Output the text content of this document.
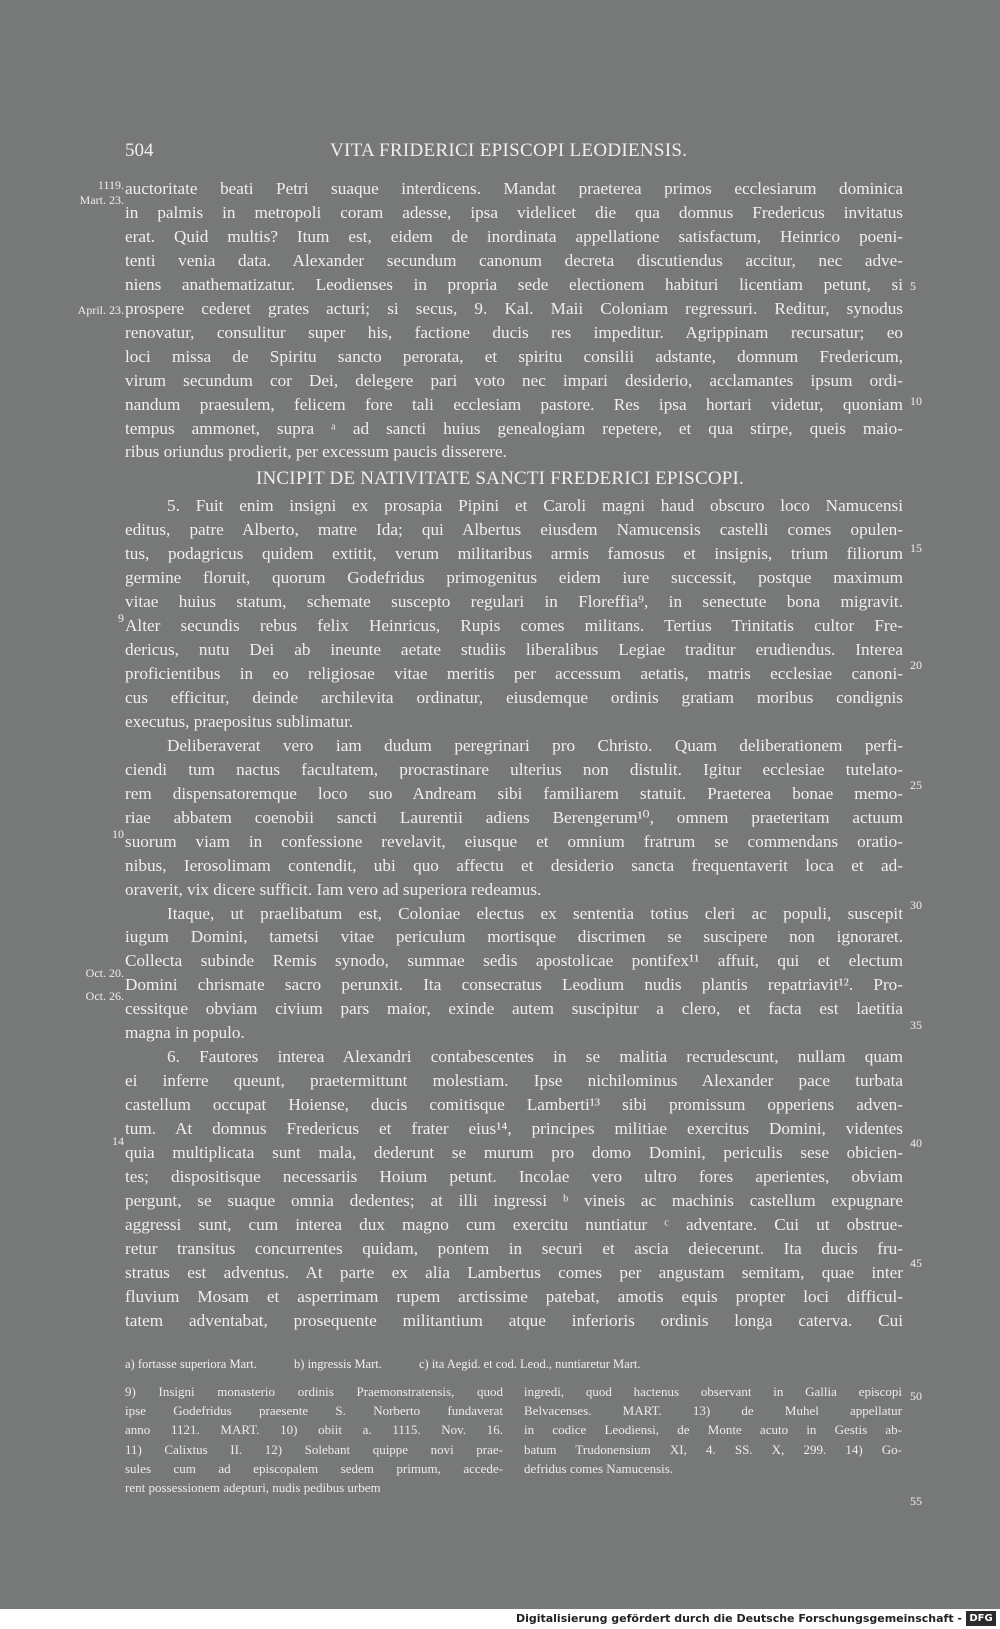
504	VITA FRIDERICI EPISCOPI LEODIENSIS.
auctoritate beati Petri suaque interdicens. Mandat praeterea primos ecclesiarum dominica
in palmis in metropoli coram adesse, ipsa videlicet die qua domnus Fredericus invitatus
erat. Quid multis? Itum est, eidem de inordinata appellatione satisfactum, Heinrico poeni-
tenti venia data. Alexander secundum canonum decreta discutiendus accitur, nec adve-
niens anathematizatur. Leodienses in propria sede electionem habituri licentiam petunt, si
prospere cederet grates acturi; si secus, 9. Kal. Maii Coloniam regressuri. Reditur, synodus
renovatur, consulitur super his, factione ducis res impeditur. Agrippinam recursatur; eo
loci missa de Spiritu sancto perorata, et spiritu consilii adstante, domnum Fredericum,
virum secundum cor Dei, delegere pari voto nec impari desiderio, acclamantes ipsum ordi-
nandum praesulem, felicem fore tali ecclesiam pastore. Res ipsa hortari videtur, quoniam
tempus ammonet, supra ᵃ ad sancti huius genealogiam repetere, et qua stirpe, queis maio-
ribus oriundus prodierit, per excessum paucis disserere.
INCIPIT DE NATIVITATE SANCTI FREDERICI EPISCOPI.
5. Fuit enim insigni ex prosapia Pipini et Caroli magni haud obscuro loco Namucensi
editus, patre Alberto, matre Ida; qui Albertus eiusdem Namucensis castelli comes opulen-
tus, podagricus quidem extitit, verum militaribus armis famosus et insignis, trium filiorum
germine floruit, quorum Godefridus primogenitus eidem iure successit, postque maximum
vitae huius statum, schemate suscepto regulari in Floreffia⁹, in senectute bona migravit.
Alter secundis rebus felix Heinricus, Rupis comes militans. Tertius Trinitatis cultor Fre-
dericus, nutu Dei ab ineunte aetate studiis liberalibus Legiae traditur erudiendus. Interea
proficientibus in eo religiosae vitae meritis per accessum aetatis, matris ecclesiae canoni-
cus efficitur, deinde archilevita ordinatur, eiusdemque ordinis gratiam moribus condignis
executus, praepositus sublimatur.
Deliberaverat vero iam dudum peregrinari pro Christo. Quam deliberationem perfi-
ciendi tum nactus facultatem, procrastinare ulterius non distulit. Igitur ecclesiae tutelato-
rem dispensatoremque loco suo Andream sibi familiarem statuit. Praeterea bonae memo-
riae abbatem coenobii sancti Laurentii adiens Berengerum¹⁰, omnem praeteritam actuum
suorum viam in confessione revelavit, eiusque et omnium fratrum se commendans oratio-
nibus, Ierosolimam contendit, ubi quo affectu et desiderio sancta frequentaverit loca et ad-
oraverit, vix dicere sufficit. Iam vero ad superiora redeamus.
Itaque, ut praelibatum est, Coloniae electus ex sententia totius cleri ac populi, suscepit
iugum Domini, tametsi vitae periculum mortisque discrimen se suscipere non ignoraret.
Collecta subinde Remis synodo, summae sedis apostolicae pontifex¹¹ affuit, qui et electum
Domini chrismate sacro perunxit. Ita consecratus Leodium nudis plantis repatriavit¹². Pro-
cessitque obviam civium pars maior, exinde autem suscipitur a clero, et facta est laetitia
magna in populo.
6. Fautores interea Alexandri contabescentes in se malitia recrudescunt, nullam quam
ei inferre queunt, praetermittunt molestiam. Ipse nichilominus Alexander pace turbata
castellum occupat Hoiense, ducis comitisque Lamberti¹³ sibi promissum opperiens adven-
tum. At domnus Fredericus et frater eius¹⁴, principes militiae exercitus Domini, videntes
quia multiplicata sunt mala, dederunt se murum pro domo Domini, periculis sese obicien-
tes; dispositisque necessariis Hoium petunt. Incolae vero ultro fores aperientes, obviam
pergunt, se suaque omnia dedentes; at illi ingressi ᵇ vineis ac machinis castellum expugnare
aggressi sunt, cum interea dux magno cum exercitu nuntiatur ᶜ adventare. Cui ut obstrue-
retur transitus concurrentes quidam, pontem in securi et ascia deiecerunt. Ita ducis fru-
stratus est adventus. At parte ex alia Lambertus comes per angustam semitam, quae inter
fluvium Mosam et asperrimam rupem arctissime patebat, amotis equis propter loci difficul-
tatem adventabat, prosequente militantium atque inferioris ordinis longa caterva. Cui
1119.
Mart. 23.
April. 23.
9
10
Oct. 20.
Oct. 26.
14
5
10
15
20
25
30
35
40
45
50
55
a) fortasse superiora Mart.	b) ingressis Mart.	c) ita Aegid. et cod. Leod., nuntiaretur Mart.
9) Insigni monasterio ordinis Praemonstratensis, quod
ipse Godefridus praesente S. Norberto fundaverat
anno 1121. MART. 10) obiit a. 1115. Nov. 16.
11) Calixtus II. 12) Solebant quippe novi prae-
sules cum ad episcopalem sedem primum, accede-
rent possessionem adepturi, nudis pedibus urbem
ingredi, quod hactenus observant in Gallia episcopi
Belvacenses. MART. 13) de Muhel appellatur
in codice Leodiensi, de Monte acuto in Gestis ab-
batum Trudonensium XI, 4. SS. X, 299. 14) Go-
defridus comes Namucensis.
Digitalisierung gefördert durch die Deutsche Forschungsgemeinschaft - DFG
